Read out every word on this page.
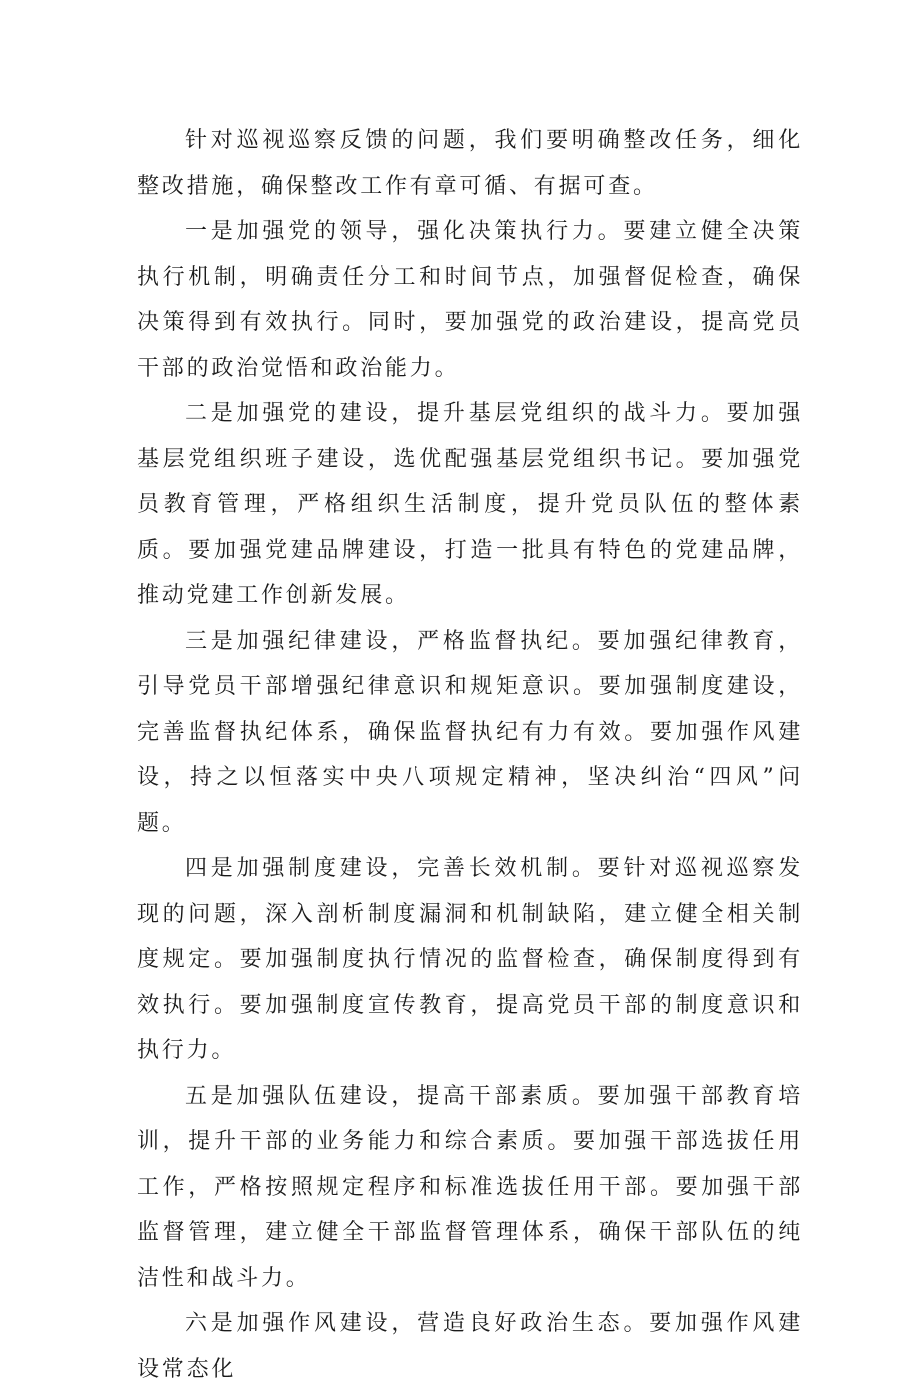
针对巡视巡察反馈的问题，我们要明确整改任务，细化整改措施，确保整改工作有章可循、有据可查。

一是加强党的领导，强化决策执行力。要建立健全决策执行机制，明确责任分工和时间节点，加强督促检查，确保决策得到有效执行。同时，要加强党的政治建设，提高党员干部的政治觉悟和政治能力。

二是加强党的建设，提升基层党组织的战斗力。要加强基层党组织班子建设，选优配强基层党组织书记。要加强党员教育管理，严格组织生活制度，提升党员队伍的整体素质。要加强党建品牌建设，打造一批具有特色的党建品牌，推动党建工作创新发展。

三是加强纪律建设，严格监督执纪。要加强纪律教育，引导党员干部增强纪律意识和规矩意识。要加强制度建设，完善监督执纪体系，确保监督执纪有力有效。要加强作风建设，持之以恒落实中央八项规定精神，坚决纠治“四风”问题。

四是加强制度建设，完善长效机制。要针对巡视巡察发现的问题，深入剖析制度漏洞和机制缺陷，建立健全相关制度规定。要加强制度执行情况的监督检查，确保制度得到有效执行。要加强制度宣传教育，提高党员干部的制度意识和执行力。

五是加强队伍建设，提高干部素质。要加强干部教育培训，提升干部的业务能力和综合素质。要加强干部选拔任用工作，严格按照规定程序和标准选拔任用干部。要加强干部监督管理，建立健全干部监督管理体系，确保干部队伍的纯洁性和战斗力。

六是加强作风建设，营造良好政治生态。要加强作风建设常态化
